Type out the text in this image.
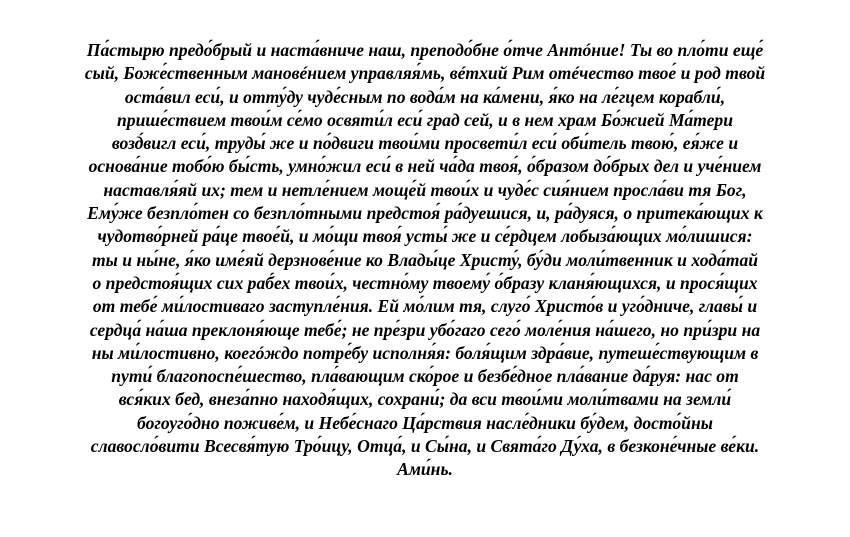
Па́стырю предо́брый и наста́вниче наш, преподо́бне о́тче Антóние! Ты во пло́ти еще́
сый, Боже́ственным мановéнием управляя́мь, вéтхий Рим отéчество твое́ и род твой
оста́вил еси́, и отту́ду чуде́сным по вода́м на ка́мени, я́ко на ле́гцем корабли́,
прише́ствием твои́м се́мо освяти́л еси́ град сей, и в нем храм Бо́жией Ма́тери
возд́вигл еси́, труды́ же и по́двиги твои́ми просвети́л еси́ оби́тель твою́, ея́же и
основа́ние тобо́ю бы́сть, умно́жил еси́ в ней ча́да твоя́, о́бразом до́брых дел и уче́нием
наставля́яй их; тем и нетле́нием моще́й твои́х и чуде́с сия́нием просла́ви тя Бог,
Ему́же безпло́тен со безпло́тными предстоя́ ра́дуешися, и, ра́дуяся, о притека́ющих к
чудотво́рней ра́це твое́й, и мо́щи твоя́ усты́ же и се́рдцем лобыза́ющих мо́лишися:
ты и ны́не, я́ко име́яй дерзнове́ние ко Влады́це Христу́, бу́ди моли́твенник и хода́тай
о предстоя́щих сих раб́ех твои́х, честно́му твоему́ о́бразу кланя́ющихся, и прося́щих
от тебе́ ми́лостиваго заступле́ния. Ей мо́лим тя, слуго́ Христо́в и уго́дниче, главы́ и
сердца́ на́ша преклоня́юще тебе́; не пре́зри убо́гаго сего́ моле́ния на́шего, но при́зри на
ны ми́лостивно, коегóждо потре́бу исполня́я: боля́щим здра́вие, путеше́ствующим в
пути́ благопоспе́шество, пла́вающим ско́рое и безбе́дное пла́вание да́руя: нас от
вся́ких бед, внеза́пно находя́щих, сохрани́; да вси твои́ми моли́твами на земли́
богоуго́дно поживе́м, и Небе́снаго Ца́рствия насле́дники бу́дем, досто́йны
славосло́вити Всесвя́тую Тро́ицу, Отца́, и Сы́на, и Свята́го Ду́ха, в безконе́чные ве́ки.
Ами́нь.
